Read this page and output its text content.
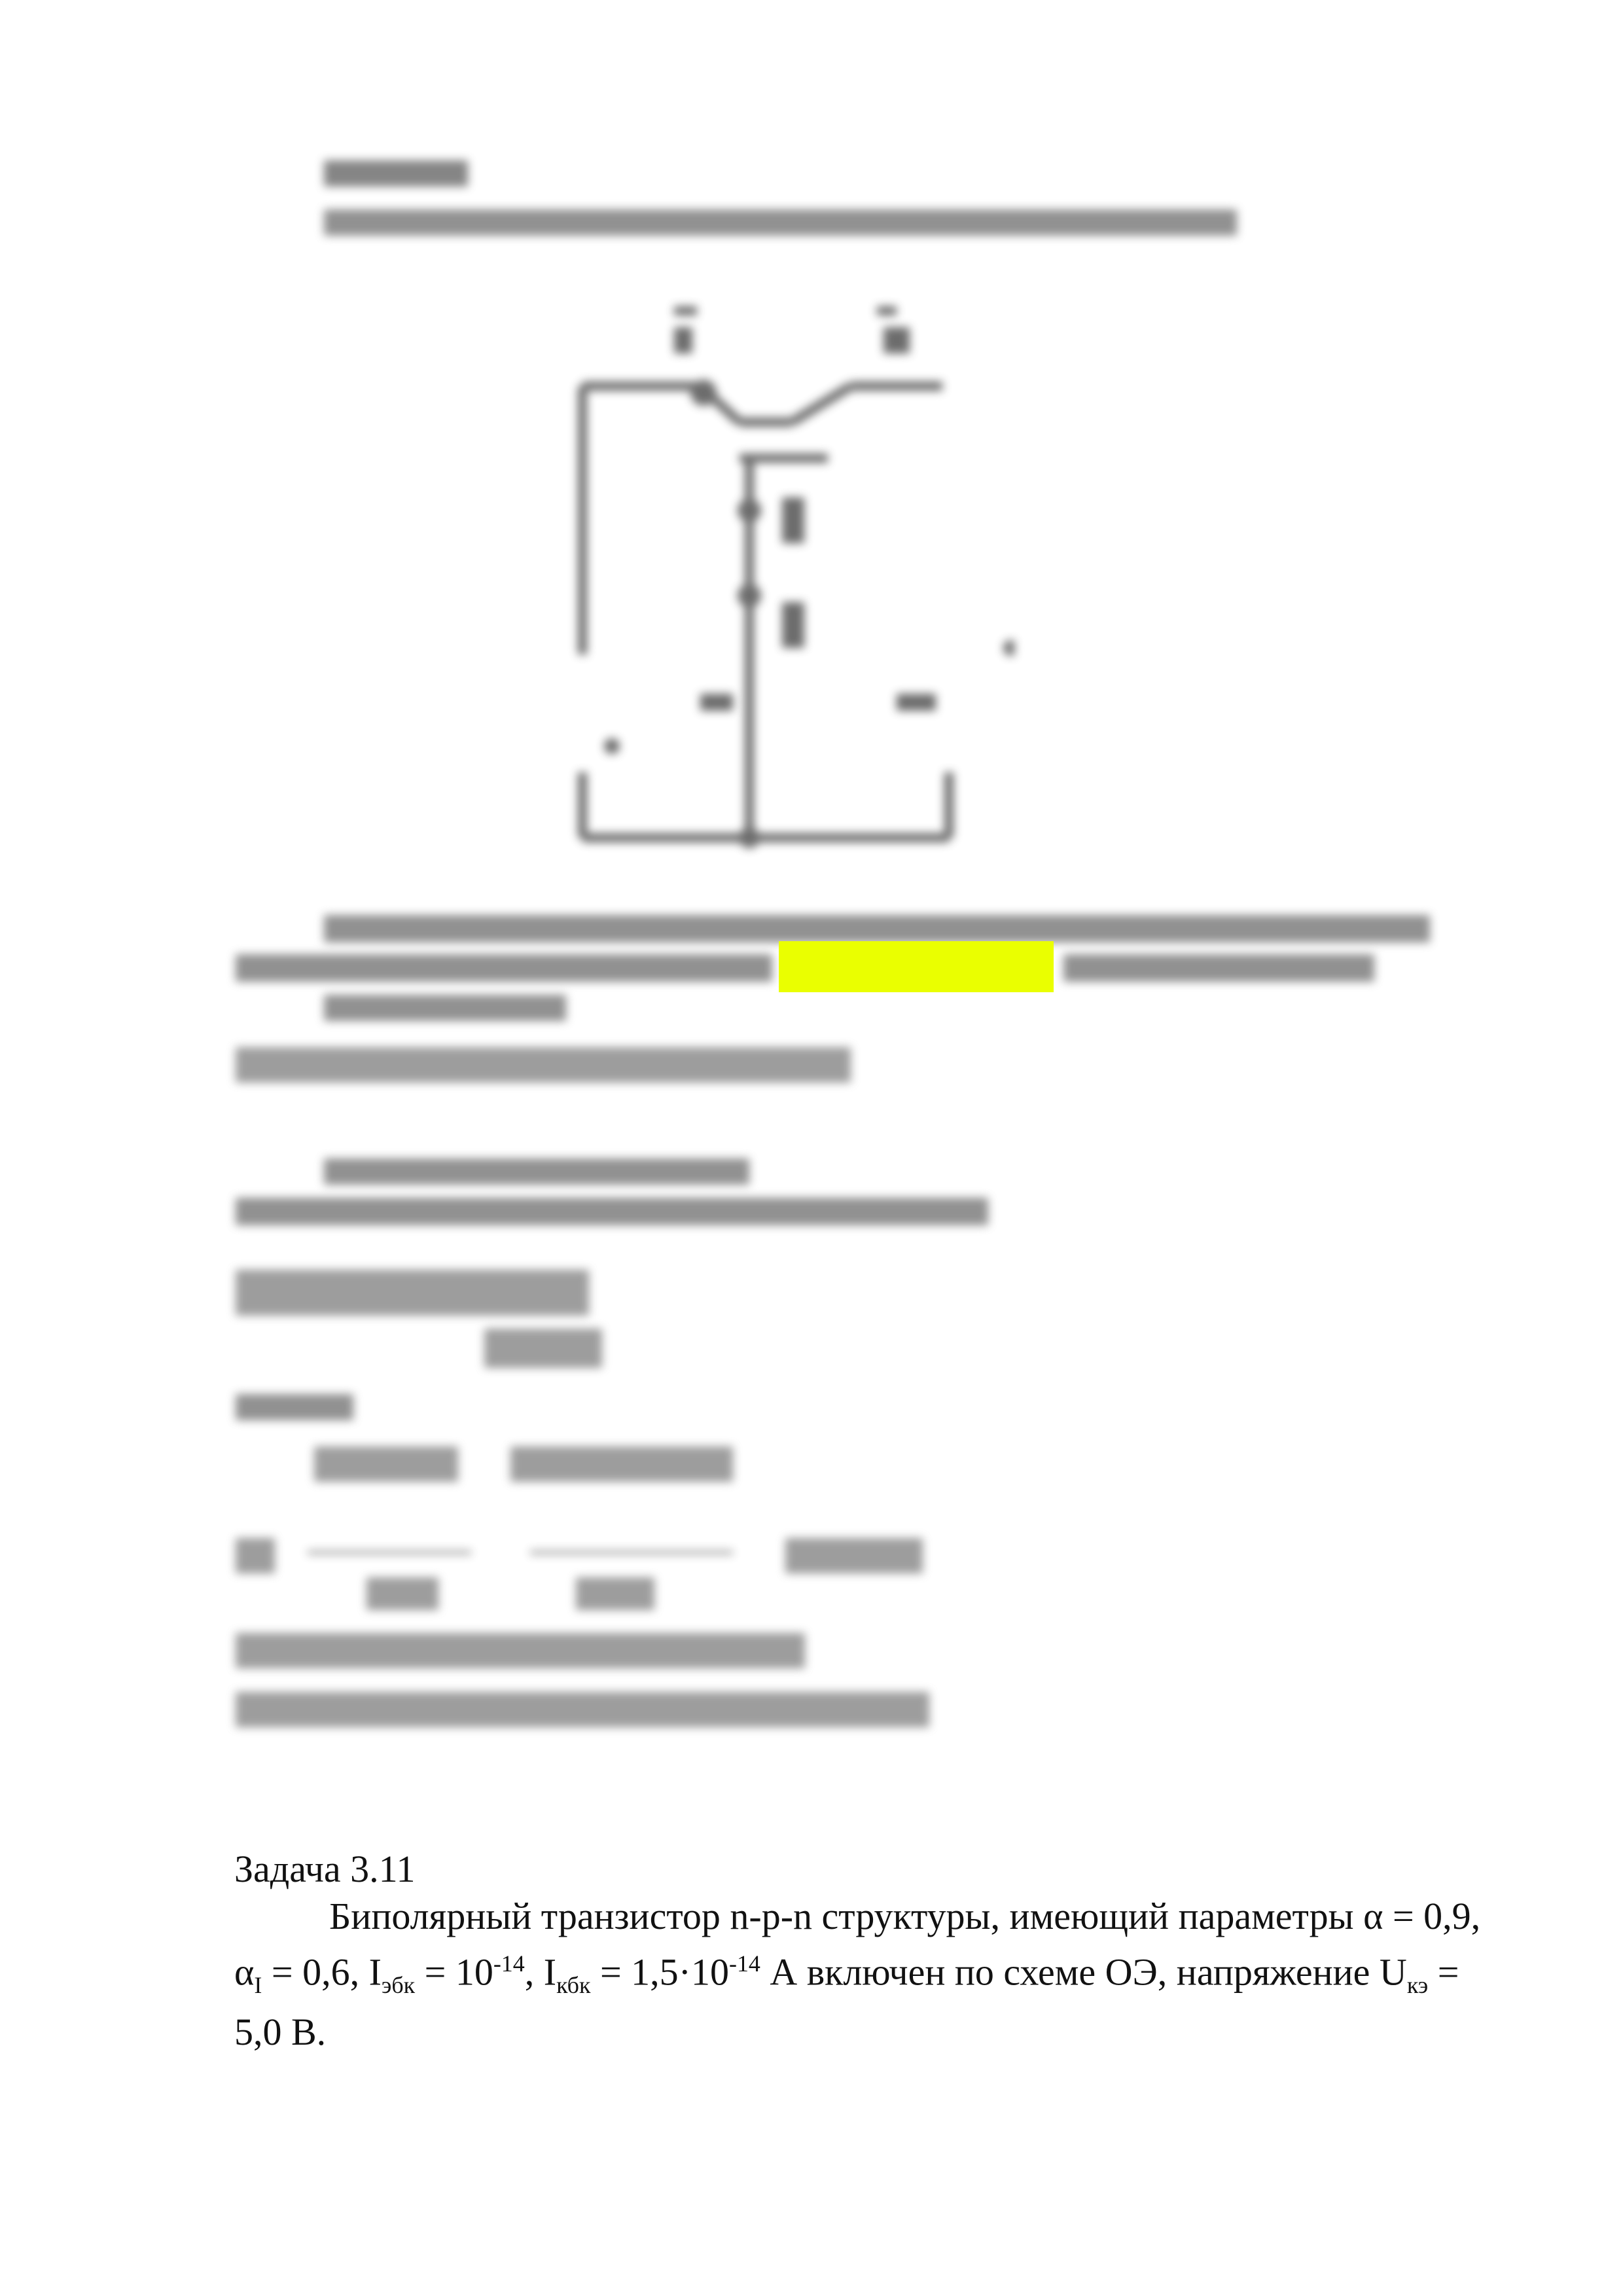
Задача 3.11

Биполярный транзистор n-p-n структуры, имеющий параметры α = 0,9,

$\alpha_I = 0,6$, $I_{эбк} = 10^{-14}$, $I_{кбк} = 1,5\cdot 10^{-14}$ А включен по схеме ОЭ, напряжение $U_{кэ}$ =

5,0 В.
